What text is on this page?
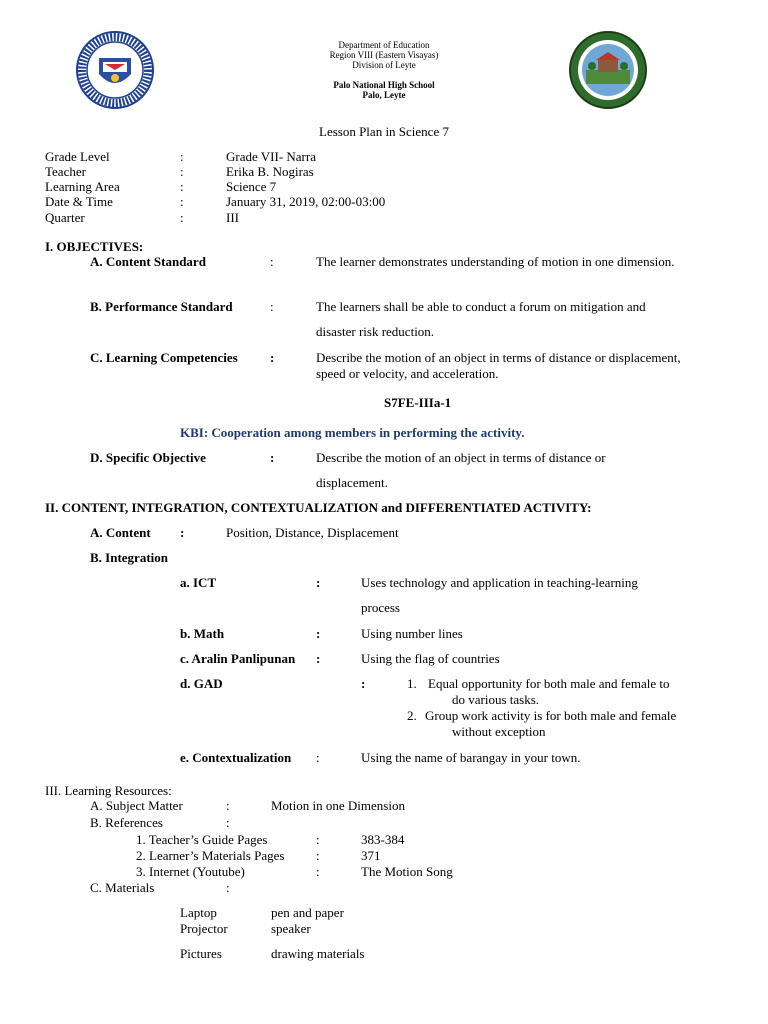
Department of Education
Region VIII (Eastern Visayas)
Division of Leyte
Palo National High School
Palo, Leyte
Lesson Plan in Science 7
Grade Level	:	Grade VII- Narra
Teacher	:	Erika B. Nogiras
Learning Area	:	Science 7
Date & Time	:	January 31, 2019, 02:00-03:00
Quarter	:	III
I. OBJECTIVES:
A. Content Standard	:	The learner demonstrates understanding of motion in one dimension.
B. Performance Standard	:	The learners shall be able to conduct a forum on mitigation and
disaster risk reduction.
C. Learning Competencies :	Describe the motion of an object in terms of distance or displacement, speed or velocity, and acceleration.
S7FE-IIIa-1
KBI: Cooperation among members in performing the activity.
D. Specific Objective	:	Describe the motion of an object in terms of distance or
displacement.
II. CONTENT, INTEGRATION, CONTEXTUALIZATION and DIFFERENTIATED ACTIVITY:
A. Content :	Position, Distance, Displacement
B. Integration
a. ICT	:	Uses technology and application in teaching-learning
process
b. Math	:	Using number lines
c. Aralin Panlipunan :	Using the flag of countries
d. GAD	:	1. Equal opportunity for both male and female to
do various tasks.
2. Group work activity is for both male and female
without exception
e. Contextualization :	Using the name of barangay in your town.
III. Learning Resources:
A. Subject Matter	:	Motion in one Dimension
B. References	:
1. Teacher’s Guide Pages	:	383-384
2. Learner’s Materials Pages :	371
3. Internet (Youtube)	:	The Motion Song
C. Materials	:
Laptop	pen and paper
Projector	speaker
Pictures	drawing materials
